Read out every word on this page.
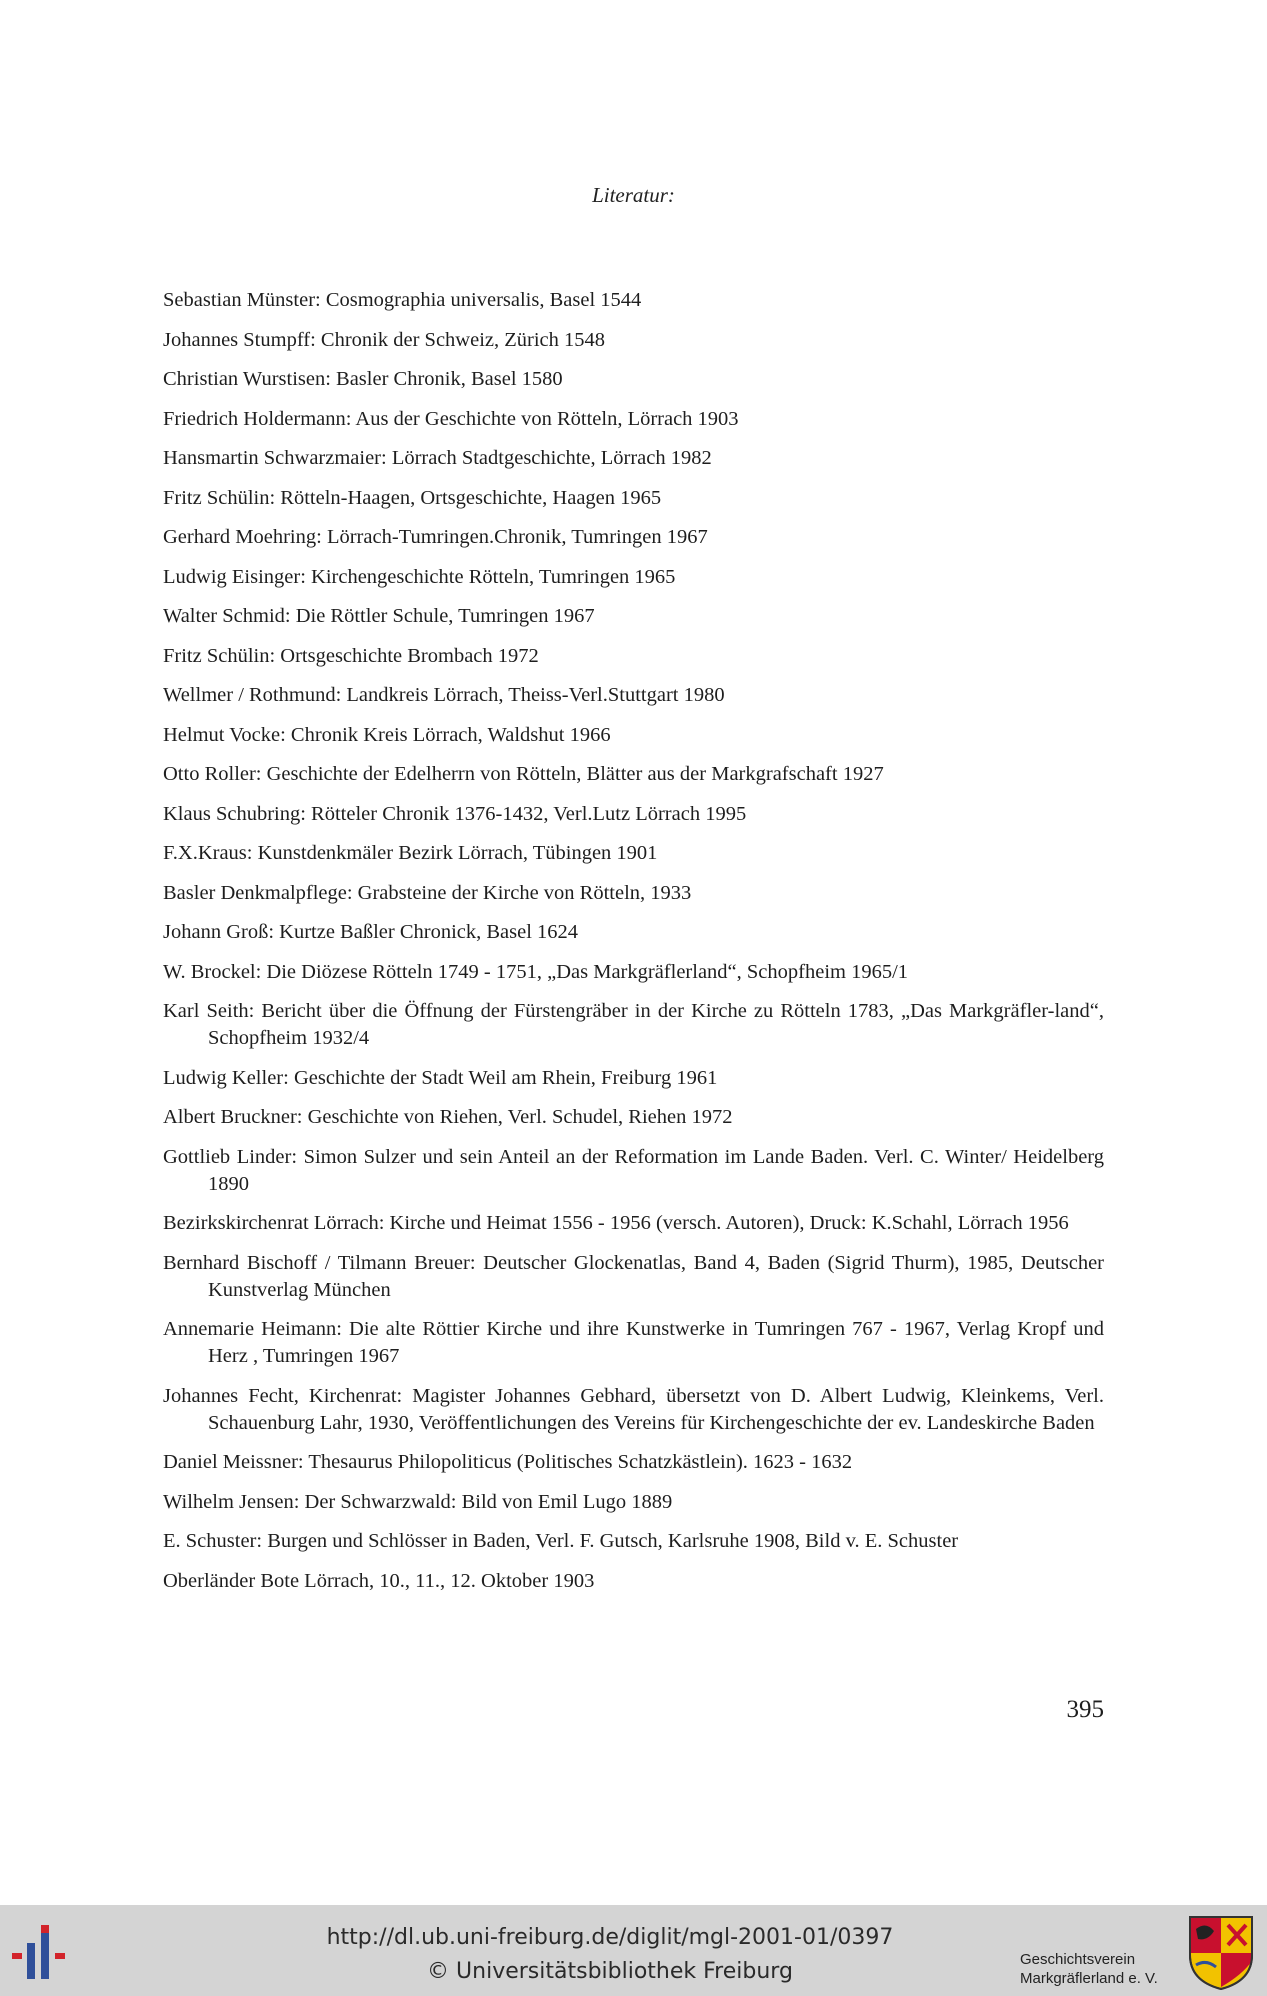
Literatur:
Sebastian Münster: Cosmographia universalis, Basel 1544
Johannes Stumpff: Chronik der Schweiz, Zürich 1548
Christian Wurstisen: Basler Chronik, Basel 1580
Friedrich Holdermann: Aus der Geschichte von Rötteln, Lörrach 1903
Hansmartin Schwarzmaier: Lörrach Stadtgeschichte, Lörrach 1982
Fritz Schülin: Rötteln-Haagen, Ortsgeschichte, Haagen 1965
Gerhard Moehring: Lörrach-Tumringen.Chronik, Tumringen 1967
Ludwig Eisinger: Kirchengeschichte Rötteln, Tumringen 1965
Walter Schmid: Die Röttler Schule, Tumringen 1967
Fritz Schülin: Ortsgeschichte Brombach 1972
Wellmer / Rothmund: Landkreis Lörrach, Theiss-Verl.Stuttgart 1980
Helmut Vocke: Chronik Kreis Lörrach, Waldshut 1966
Otto Roller: Geschichte der Edelherrn von Rötteln, Blätter aus der Markgrafschaft 1927
Klaus Schubring: Rötteler Chronik 1376-1432, Verl.Lutz Lörrach 1995
F.X.Kraus: Kunstdenkmäler Bezirk Lörrach, Tübingen 1901
Basler Denkmalpflege: Grabsteine der Kirche von Rötteln, 1933
Johann Groß: Kurtze Baßler Chronick, Basel 1624
W. Brockel: Die Diözese Rötteln 1749 - 1751, „Das Markgräflerland“, Schopfheim 1965/1
Karl Seith: Bericht über die Öffnung der Fürstengräber in der Kirche zu Rötteln 1783, „Das Markgräfler-land“, Schopfheim 1932/4
Ludwig Keller: Geschichte der Stadt Weil am Rhein, Freiburg 1961
Albert Bruckner: Geschichte von Riehen, Verl. Schudel, Riehen 1972
Gottlieb Linder: Simon Sulzer und sein Anteil an der Reformation im Lande Baden. Verl. C. Winter/ Heidelberg 1890
Bezirkskirchenrat Lörrach: Kirche und Heimat 1556 - 1956 (versch. Autoren), Druck: K.Schahl, Lörrach 1956
Bernhard Bischoff / Tilmann Breuer: Deutscher Glockenatlas, Band 4, Baden (Sigrid Thurm), 1985, Deutscher Kunstverlag München
Annemarie Heimann: Die alte Röttier Kirche und ihre Kunstwerke in Tumringen 767 - 1967, Verlag Kropf und Herz , Tumringen 1967
Johannes Fecht, Kirchenrat: Magister Johannes Gebhard, übersetzt von D. Albert Ludwig, Kleinkems, Verl. Schauenburg Lahr, 1930, Veröffentlichungen des Vereins für Kirchengeschichte der ev. Landeskirche Baden
Daniel Meissner: Thesaurus Philopoliticus (Politisches Schatzkästlein). 1623 - 1632
Wilhelm Jensen: Der Schwarzwald: Bild von Emil Lugo 1889
E. Schuster: Burgen und Schlösser in Baden, Verl. F. Gutsch, Karlsruhe 1908, Bild v. E. Schuster
Oberländer Bote Lörrach, 10., 11., 12. Oktober 1903
395
http://dl.ub.uni-freiburg.de/diglit/mgl-2001-01/0397
© Universitätsbibliothek Freiburg	Geschichtsverein
Markgräflerland e. V.
